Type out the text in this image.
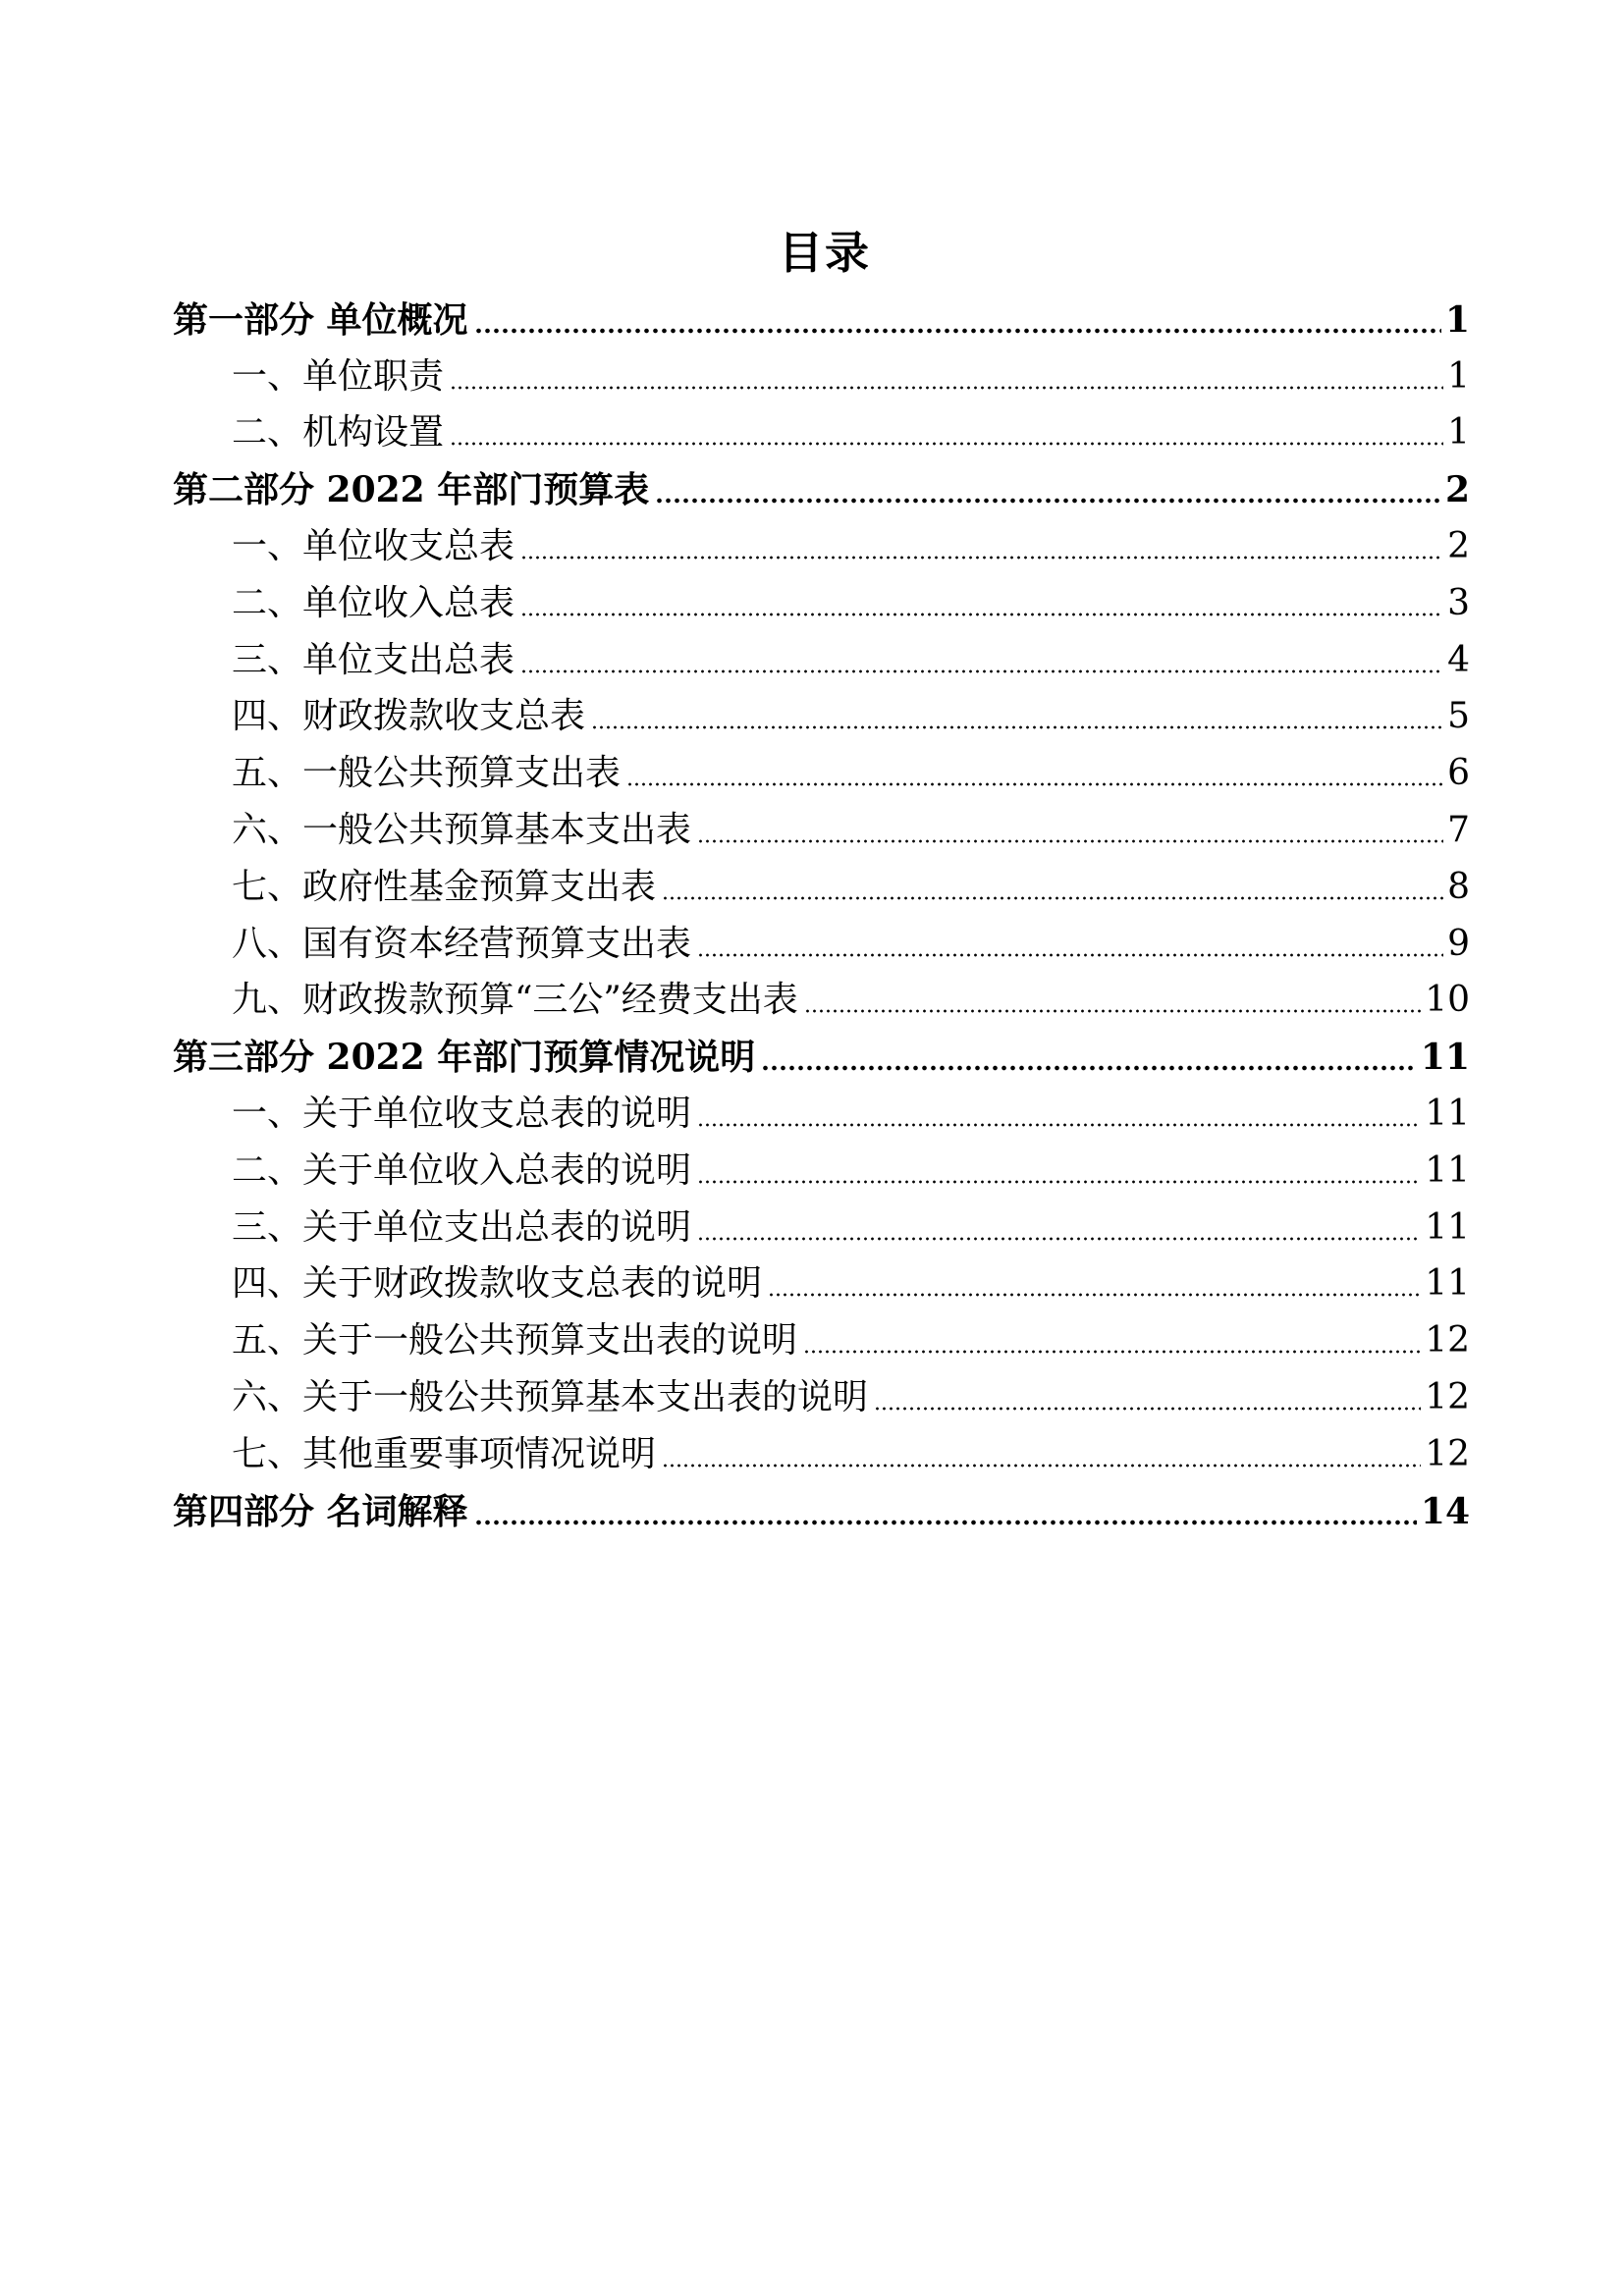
目录
第一部分 单位概况	1
一、单位职责	1
二、机构设置	1
第二部分 2022 年部门预算表	2
一、单位收支总表	2
二、单位收入总表	3
三、单位支出总表	4
四、财政拨款收支总表	5
五、一般公共预算支出表	6
六、一般公共预算基本支出表	7
七、政府性基金预算支出表	8
八、国有资本经营预算支出表	9
九、财政拨款预算“三公”经费支出表	10
第三部分 2022 年部门预算情况说明	11
一、关于单位收支总表的说明	11
二、关于单位收入总表的说明	11
三、关于单位支出总表的说明	11
四、关于财政拨款收支总表的说明	11
五、关于一般公共预算支出表的说明	12
六、关于一般公共预算基本支出表的说明	12
七、其他重要事项情况说明	12
第四部分 名词解释	14
